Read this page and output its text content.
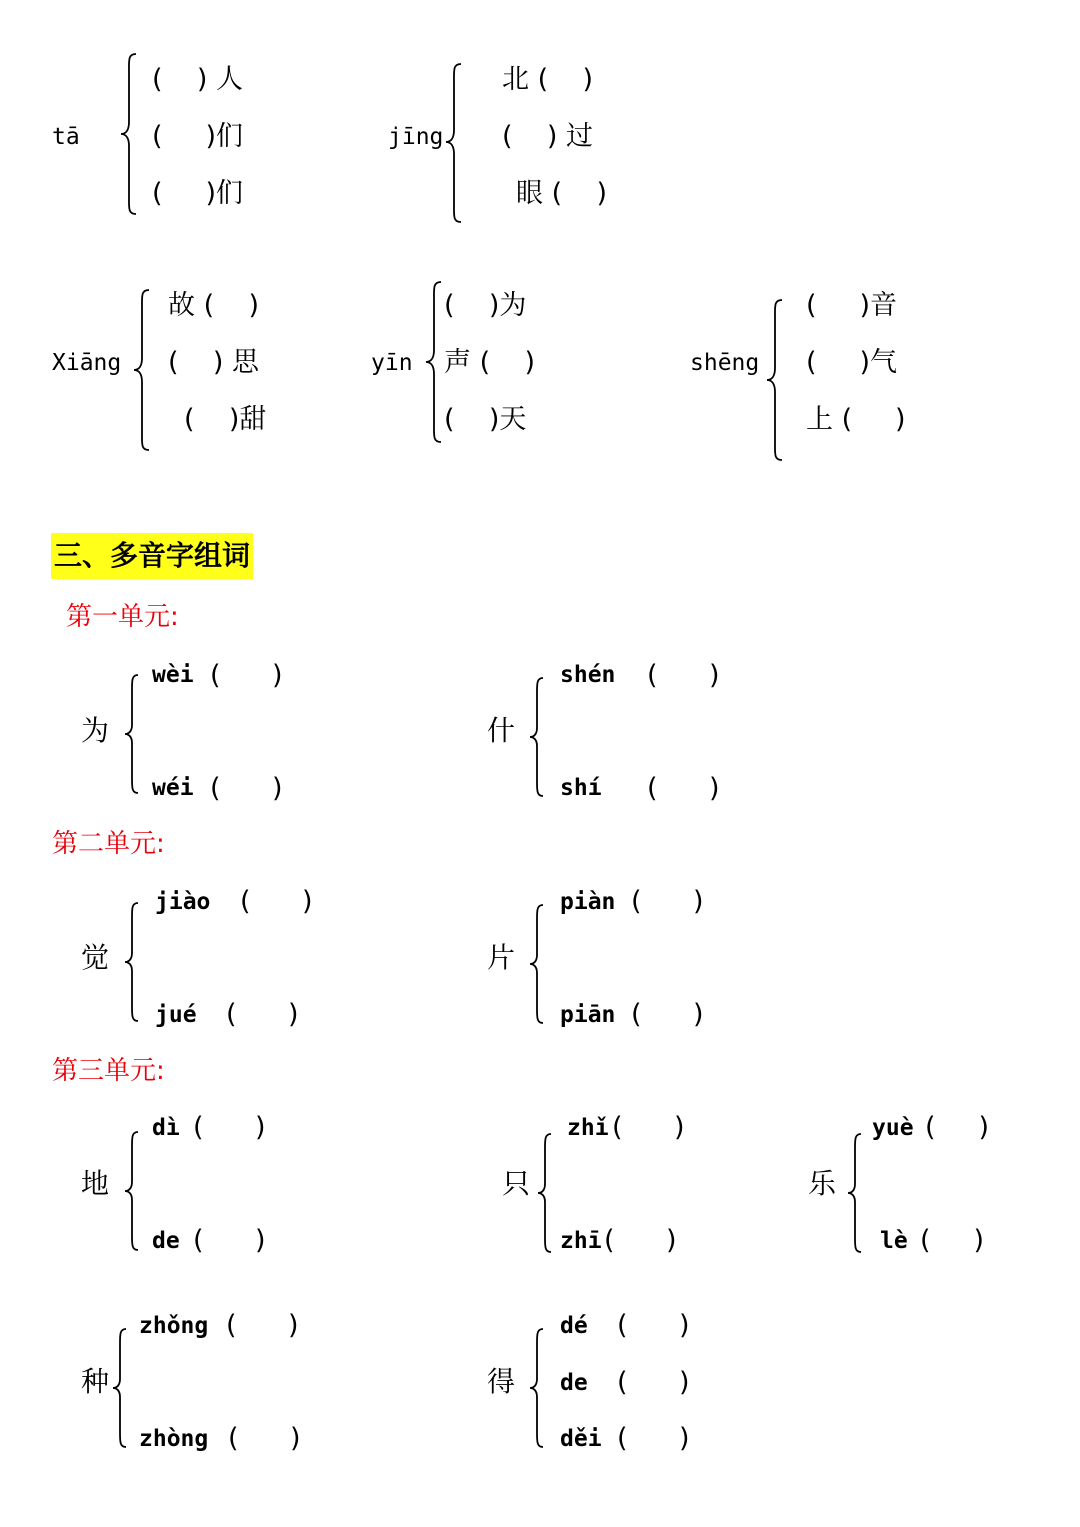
tā
(    ) 人
(     )们
(     )们
jīng
北 (    )
(    ) 过
眼 (    )
Xiāng
故 (    )
(    ) 思
(    )甜
yīn
(    )为
声 (    )
(    )天
shēng
(     )音
(     )气
上 (     )
三、多音字组词
第一单元:
为
wèi (      )
wéi (      )
什
shén (      )
shí (      )
第二单元:
觉
jiào (      )
jué (      )
片
piàn (      )
piān (      )
第三单元:
地
dì (      )
de (      )
只
zhǐ (      )
zhī (      )
乐
yuè (     )
lè (     )
种
zhǒng (      )
zhòng (      )
得
dé (      )
de (      )
děi (      )
